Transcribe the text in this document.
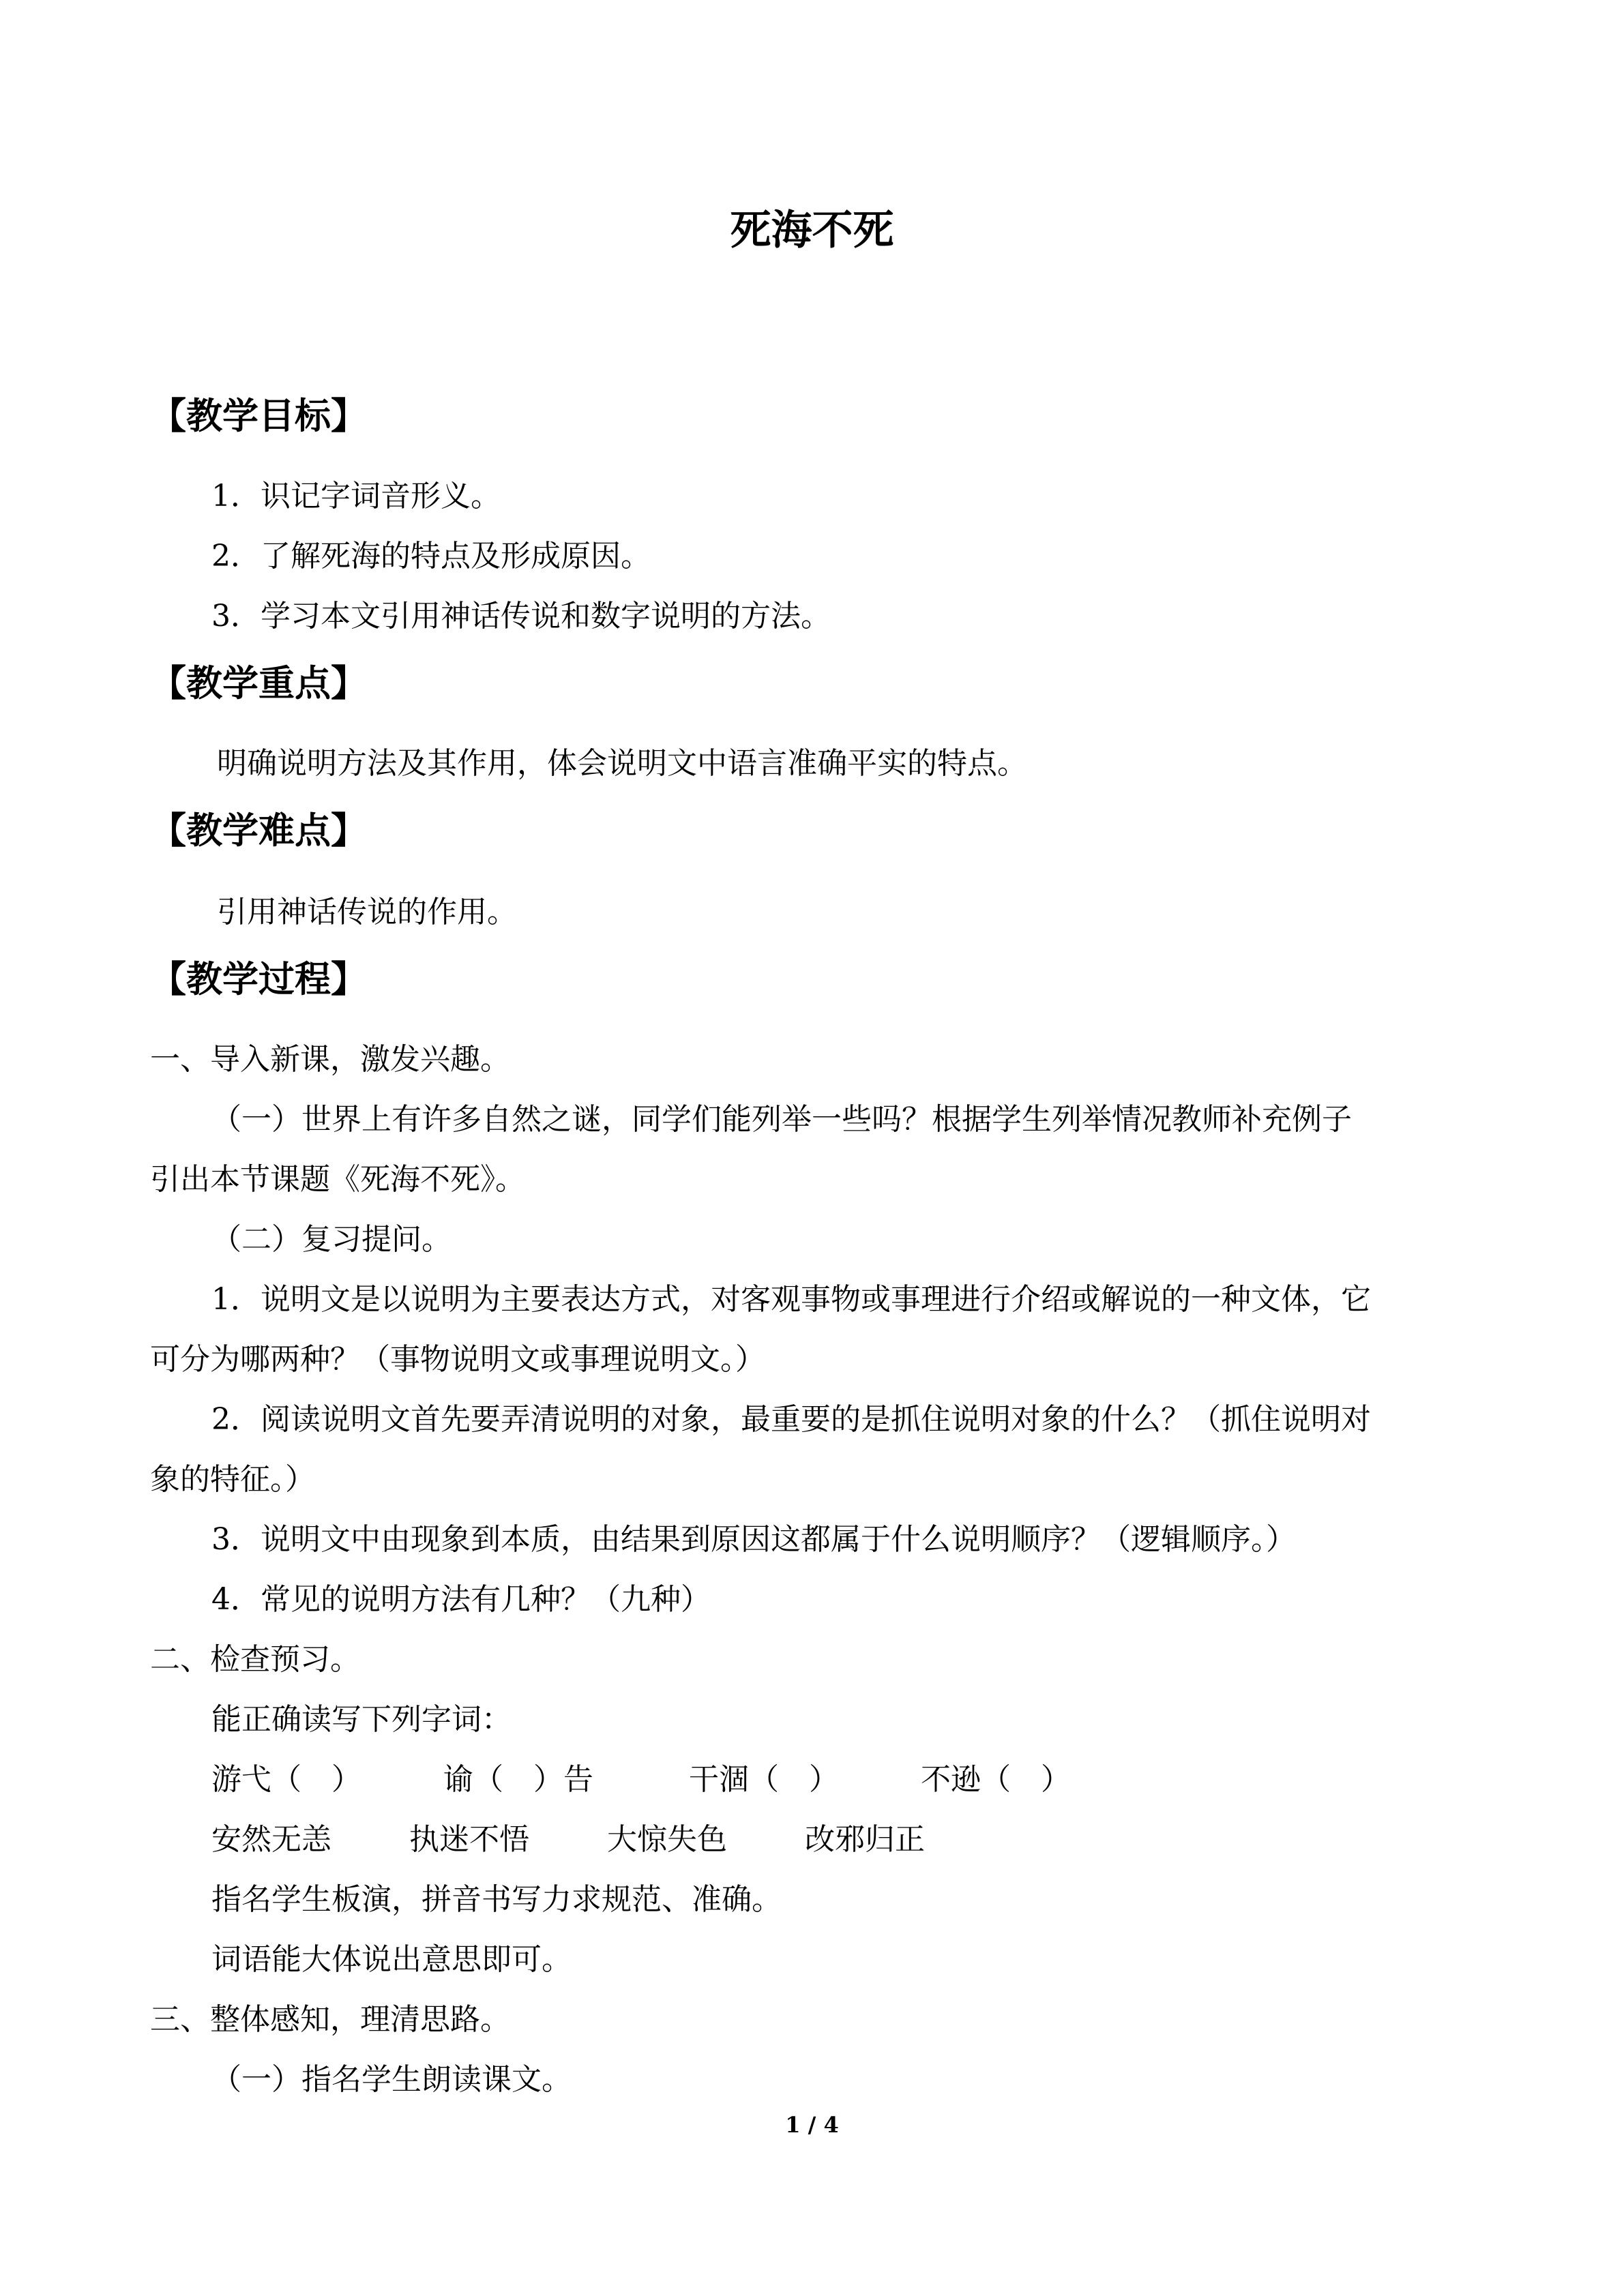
死海不死
【教学目标】
1．识记字词音形义。
2．了解死海的特点及形成原因。
3．学习本文引用神话传说和数字说明的方法。
【教学重点】
明确说明方法及其作用，体会说明文中语言准确平实的特点。
【教学难点】
引用神话传说的作用。
【教学过程】
一、导入新课，激发兴趣。
（一）世界上有许多自然之谜，同学们能列举一些吗？根据学生列举情况教师补充例子
引出本节课题《死海不死》。
（二）复习提问。
1．说明文是以说明为主要表达方式，对客观事物或事理进行介绍或解说的一种文体，它
可分为哪两种？（事物说明文或事理说明文。）
2．阅读说明文首先要弄清说明的对象，最重要的是抓住说明对象的什么？（抓住说明对
象的特征。）
3．说明文中由现象到本质，由结果到原因这都属于什么说明顺序？（逻辑顺序。）
4．常见的说明方法有几种？（九种）
二、检查预习。
能正确读写下列字词：
游弋（　）	谕（　）告	干涸（　）	不逊（　）
安然无恙	执迷不悟	大惊失色	改邪归正
指名学生板演，拼音书写力求规范、准确。
词语能大体说出意思即可。
三、整体感知，理清思路。
（一）指名学生朗读课文。
1 / 4
